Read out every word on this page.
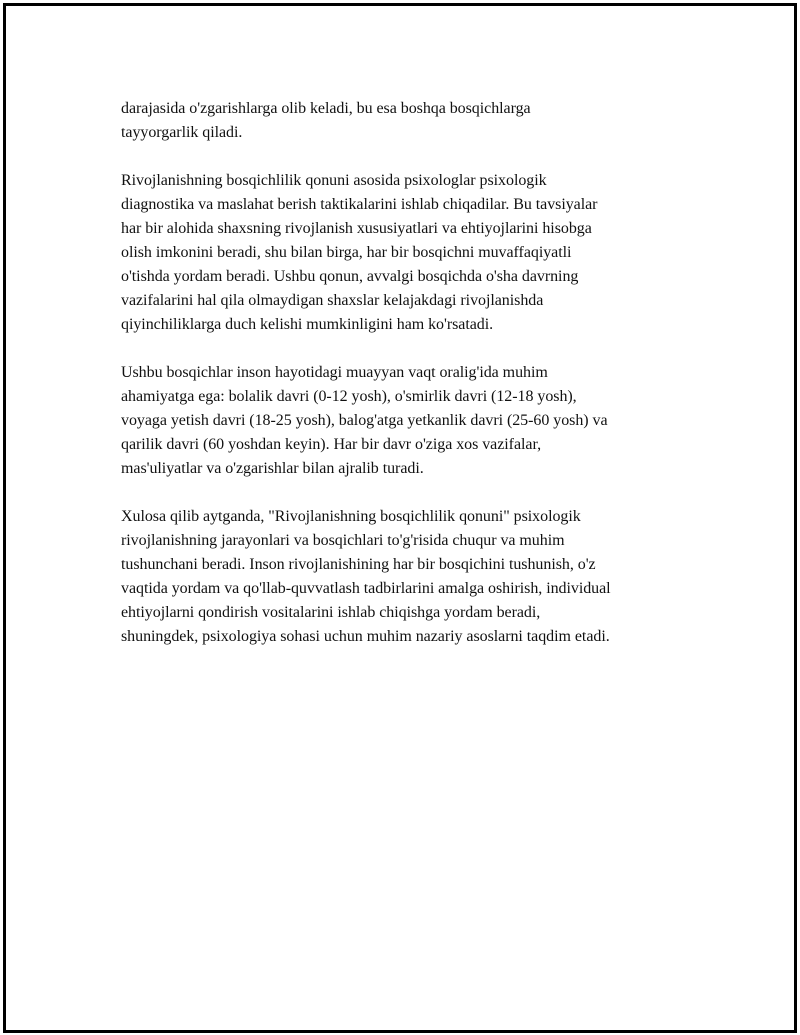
darajasida o'zgarishlarga olib keladi, bu esa boshqa bosqichlarga
tayyorgarlik qiladi.

Rivojlanishning bosqichlilik qonuni asosida psixologlar psixologik
diagnostika va maslahat berish taktikalarini ishlab chiqadilar. Bu tavsiyalar
har bir alohida shaxsning rivojlanish xususiyatlari va ehtiyojlarini hisobga
olish imkonini beradi, shu bilan birga, har bir bosqichni muvaffaqiyatli
o'tishda yordam beradi. Ushbu qonun, avvalgi bosqichda o'sha davrning
vazifalarini hal qila olmaydigan shaxslar kelajakdagi rivojlanishda
qiyinchiliklarga duch kelishi mumkinligini ham ko'rsatadi.

Ushbu bosqichlar inson hayotidagi muayyan vaqt oralig'ida muhim
ahamiyatga ega: bolalik davri (0-12 yosh), o'smirlik davri (12-18 yosh),
voyaga yetish davri (18-25 yosh), balog'atga yetkanlik davri (25-60 yosh) va
qarilik davri (60 yoshdan keyin). Har bir davr o'ziga xos vazifalar,
mas'uliyatlar va o'zgarishlar bilan ajralib turadi.

Xulosa qilib aytganda, "Rivojlanishning bosqichlilik qonuni" psixologik
rivojlanishning jarayonlari va bosqichlari to'g'risida chuqur va muhim
tushunchani beradi. Inson rivojlanishining har bir bosqichini tushunish, o'z
vaqtida yordam va qo'llab-quvvatlash tadbirlarini amalga oshirish, individual
ehtiyojlarni qondirish vositalarini ishlab chiqishga yordam beradi,
shuningdek, psixologiya sohasi uchun muhim nazariy asoslarni taqdim etadi.
